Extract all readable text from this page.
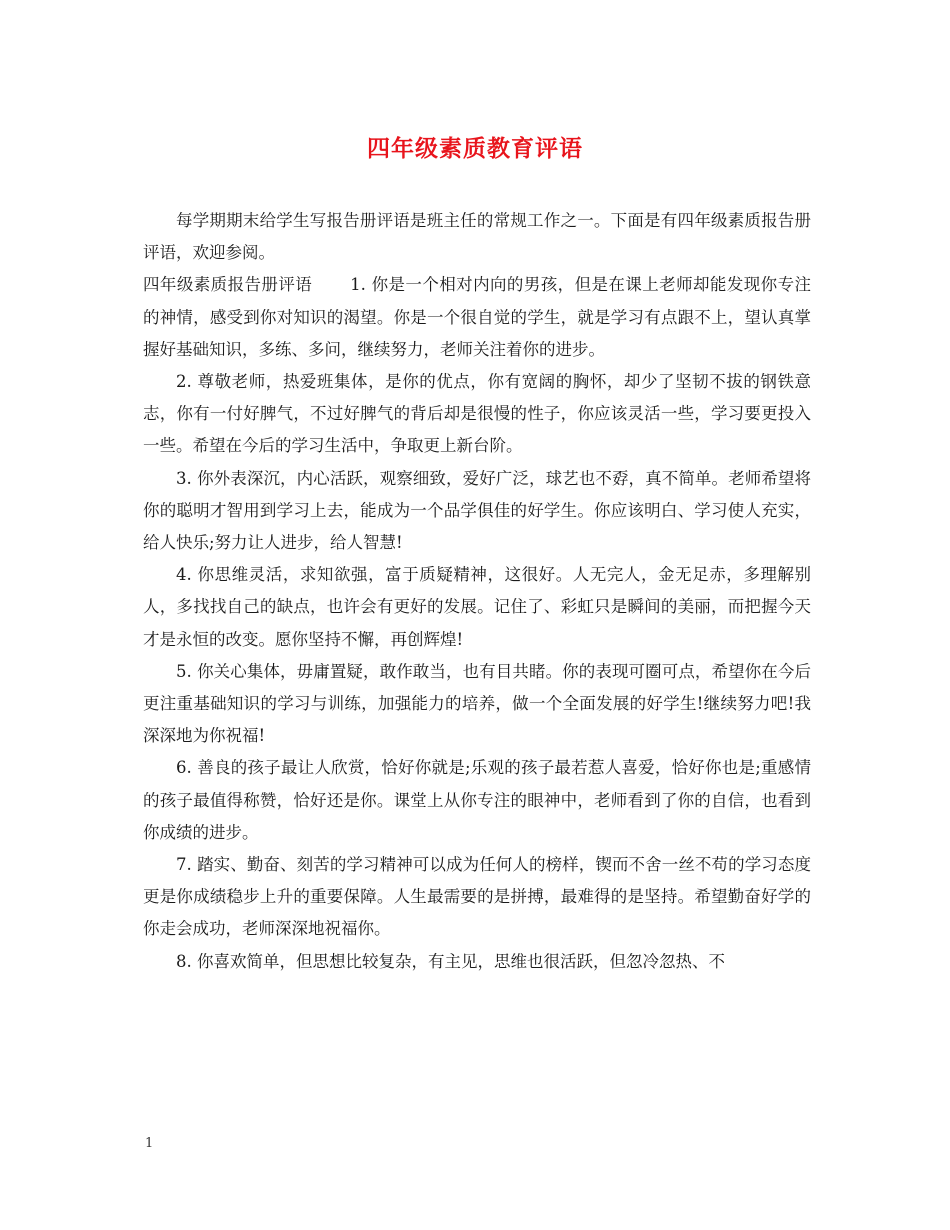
四年级素质教育评语

每学期期末给学生写报告册评语是班主任的常规工作之一。下面是有四年级素质报告册评语，欢迎参阅。

四年级素质报告册评语 1. 你是一个相对内向的男孩，但是在课上老师却能发现你专注的神情，感受到你对知识的渴望。你是一个很自觉的学生，就是学习有点跟不上，望认真掌握好基础知识，多练、多问，继续努力，老师关注着你的进步。

2. 尊敬老师，热爱班集体，是你的优点，你有宽阔的胸怀，却少了坚韧不拔的钢铁意志，你有一付好脾气，不过好脾气的背后却是很慢的性子，你应该灵活一些，学习要更投入一些。希望在今后的学习生活中，争取更上新台阶。

3. 你外表深沉，内心活跃，观察细致，爱好广泛，球艺也不孬，真不简单。老师希望将你的聪明才智用到学习上去，能成为一个品学俱佳的好学生。你应该明白、学习使人充实，给人快乐;努力让人进步，给人智慧!

4. 你思维灵活，求知欲强，富于质疑精神，这很好。人无完人，金无足赤，多理解别人，多找找自己的缺点，也许会有更好的发展。记住了、彩虹只是瞬间的美丽，而把握今天才是永恒的改变。愿你坚持不懈，再创辉煌!

5. 你关心集体，毋庸置疑，敢作敢当，也有目共睹。你的表现可圈可点，希望你在今后更注重基础知识的学习与训练，加强能力的培养，做一个全面发展的好学生!继续努力吧!我深深地为你祝福!

6. 善良的孩子最让人欣赏，恰好你就是;乐观的孩子最若惹人喜爱，恰好你也是;重感情的孩子最值得称赞，恰好还是你。课堂上从你专注的眼神中，老师看到了你的自信，也看到你成绩的进步。

7. 踏实、勤奋、刻苦的学习精神可以成为任何人的榜样，锲而不舍一丝不苟的学习态度更是你成绩稳步上升的重要保障。人生最需要的是拼搏，最难得的是坚持。希望勤奋好学的你走会成功，老师深深地祝福你。

8. 你喜欢简单，但思想比较复杂，有主见，思维也很活跃，但忽冷忽热、不

1
